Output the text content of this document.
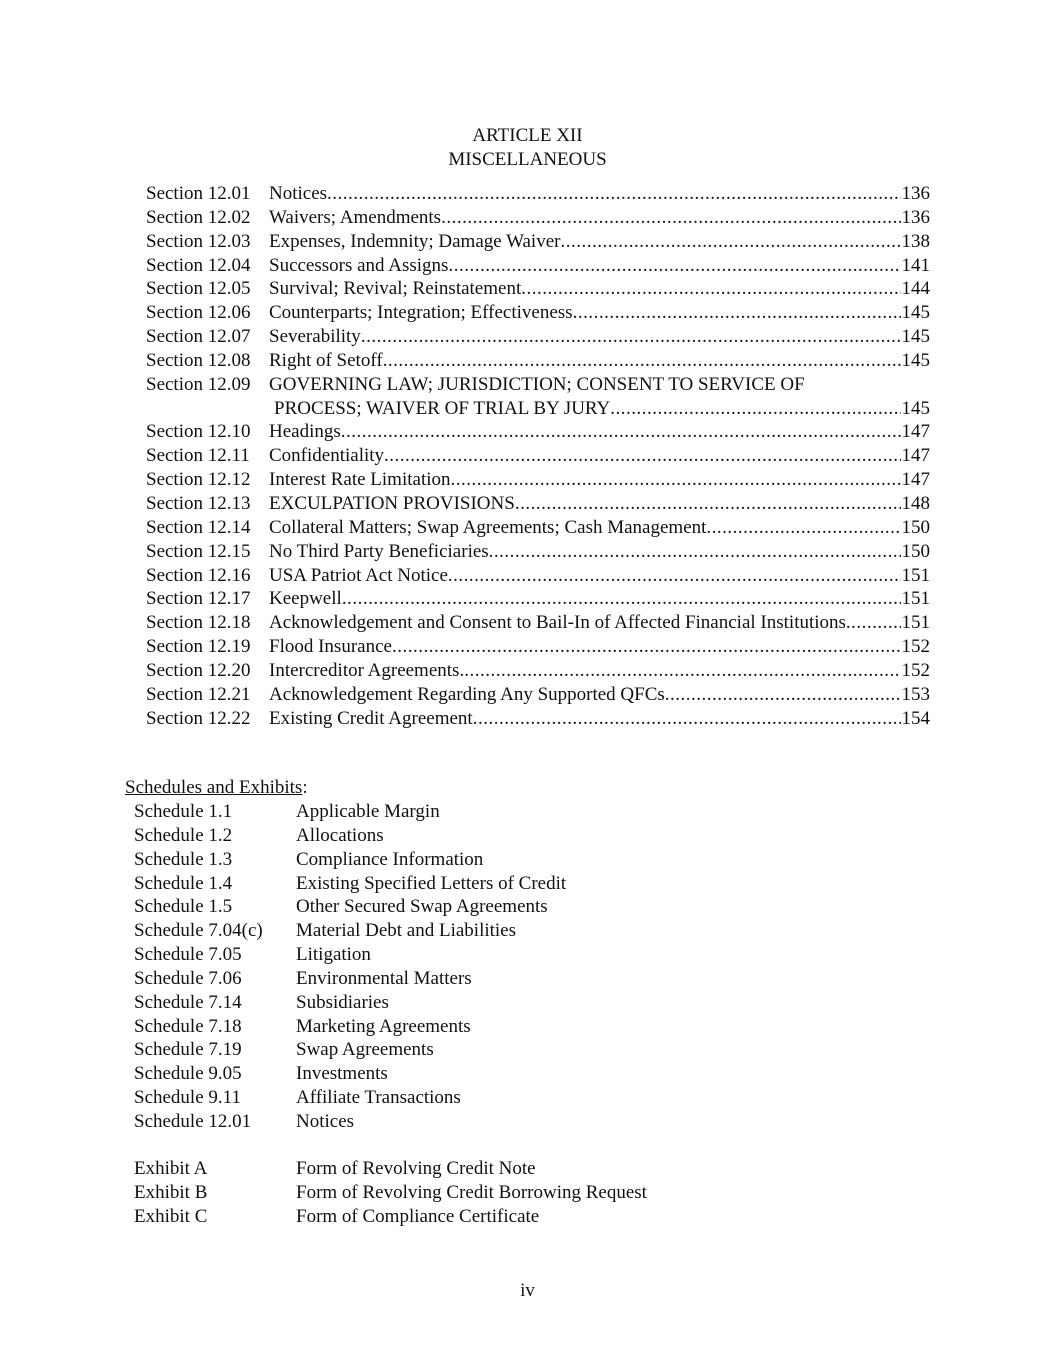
ARTICLE XII
MISCELLANEOUS
Section 12.01 Notices .....	136
Section 12.02 Waivers; Amendments .....	136
Section 12.03 Expenses, Indemnity; Damage Waiver .....	138
Section 12.04 Successors and Assigns .....	141
Section 12.05 Survival; Revival; Reinstatement .....	144
Section 12.06 Counterparts; Integration; Effectiveness .....	145
Section 12.07 Severability .....	145
Section 12.08 Right of Setoff .....	145
Section 12.09 GOVERNING LAW; JURISDICTION; CONSENT TO SERVICE OF
PROCESS; WAIVER OF TRIAL BY JURY .....	145
Section 12.10 Headings .....	147
Section 12.11 Confidentiality .....	147
Section 12.12 Interest Rate Limitation .....	147
Section 12.13 EXCULPATION PROVISIONS .....	148
Section 12.14 Collateral Matters; Swap Agreements; Cash Management .....	150
Section 12.15 No Third Party Beneficiaries .....	150
Section 12.16 USA Patriot Act Notice .....	151
Section 12.17 Keepwell .....	151
Section 12.18 Acknowledgement and Consent to Bail-In of Affected Financial Institutions .....	151
Section 12.19 Flood Insurance .....	152
Section 12.20 Intercreditor Agreements. .....	152
Section 12.21 Acknowledgement Regarding Any Supported QFCs .....	153
Section 12.22 Existing Credit Agreement .....	154
Schedules and Exhibits:
Schedule 1.1	Applicable Margin
Schedule 1.2	Allocations
Schedule 1.3	Compliance Information
Schedule 1.4	Existing Specified Letters of Credit
Schedule 1.5	Other Secured Swap Agreements
Schedule 7.04(c) Material Debt and Liabilities
Schedule 7.05	Litigation
Schedule 7.06	Environmental Matters
Schedule 7.14	Subsidiaries
Schedule 7.18	Marketing Agreements
Schedule 7.19	Swap Agreements
Schedule 9.05	Investments
Schedule 9.11	Affiliate Transactions
Schedule 12.01 Notices
Exhibit A	Form of Revolving Credit Note
Exhibit B	Form of Revolving Credit Borrowing Request
Exhibit C	Form of Compliance Certificate
iv
